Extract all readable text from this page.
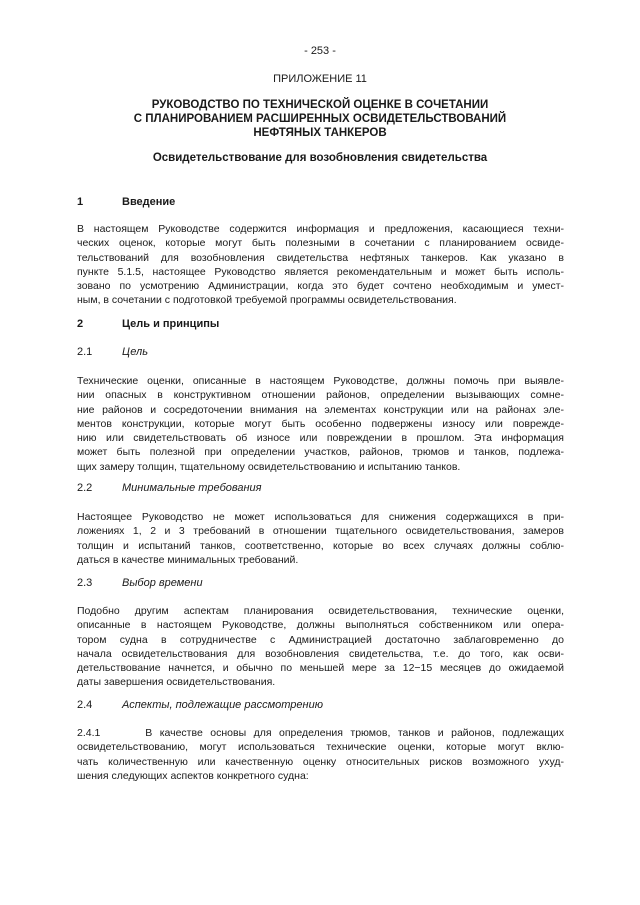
- 253 -
ПРИЛОЖЕНИЕ 11
РУКОВОДСТВО ПО ТЕХНИЧЕСКОЙ ОЦЕНКЕ В СОЧЕТАНИИ
С ПЛАНИРОВАНИЕМ РАСШИРЕННЫХ ОСВИДЕТЕЛЬСТВОВАНИЙ
НЕФТЯНЫХ ТАНКЕРОВ
Освидетельствование для возобновления свидетельства
1	Введение
В настоящем Руководстве содержится информация и предложения, касающиеся техни-
ческих оценок, которые могут быть полезными в сочетании с планированием освиде-
тельствований для возобновления свидетельства нефтяных танкеров. Как указано в
пункте 5.1.5, настоящее Руководство является рекомендательным и может быть исполь-
зовано по усмотрению Администрации, когда это будет сочтено необходимым и умест-
ным, в сочетании с подготовкой требуемой программы освидетельствования.
2	Цель и принципы
2.1	Цель
Технические оценки, описанные в настоящем Руководстве, должны помочь при выявле-
нии опасных в конструктивном отношении районов, определении вызывающих сомне-
ние районов и сосредоточении внимания на элементах конструкции или на районах эле-
ментов конструкции, которые могут быть особенно подвержены износу или поврежде-
нию или свидетельствовать об износе или повреждении в прошлом. Эта информация
может быть полезной при определении участков, районов, трюмов и танков, подлежа-
щих замеру толщин, тщательному освидетельствованию и испытанию танков.
2.2	Минимальные требования
Настоящее Руководство не может использоваться для снижения содержащихся в при-
ложениях 1, 2 и 3 требований в отношении тщательного освидетельствования, замеров
толщин и испытаний танков, соответственно, которые во всех случаях должны соблю-
даться в качестве минимальных требований.
2.3	Выбор времени
Подобно другим аспектам планирования освидетельствования, технические оценки,
описанные в настоящем Руководстве, должны выполняться собственником или опера-
тором судна в сотрудничестве с Администрацией достаточно заблаговременно до
начала освидетельствования для возобновления свидетельства, т.е. до того, как осви-
детельствование начнется, и обычно по меньшей мере за 12−15 месяцев до ожидаемой
даты завершения освидетельствования.
2.4	Аспекты, подлежащие рассмотрению
2.4.1      В качестве основы для определения трюмов, танков и районов, подлежащих
освидетельствованию, могут использоваться технические оценки, которые могут вклю-
чать количественную или качественную оценку относительных рисков возможного ухуд-
шения следующих аспектов конкретного судна:
